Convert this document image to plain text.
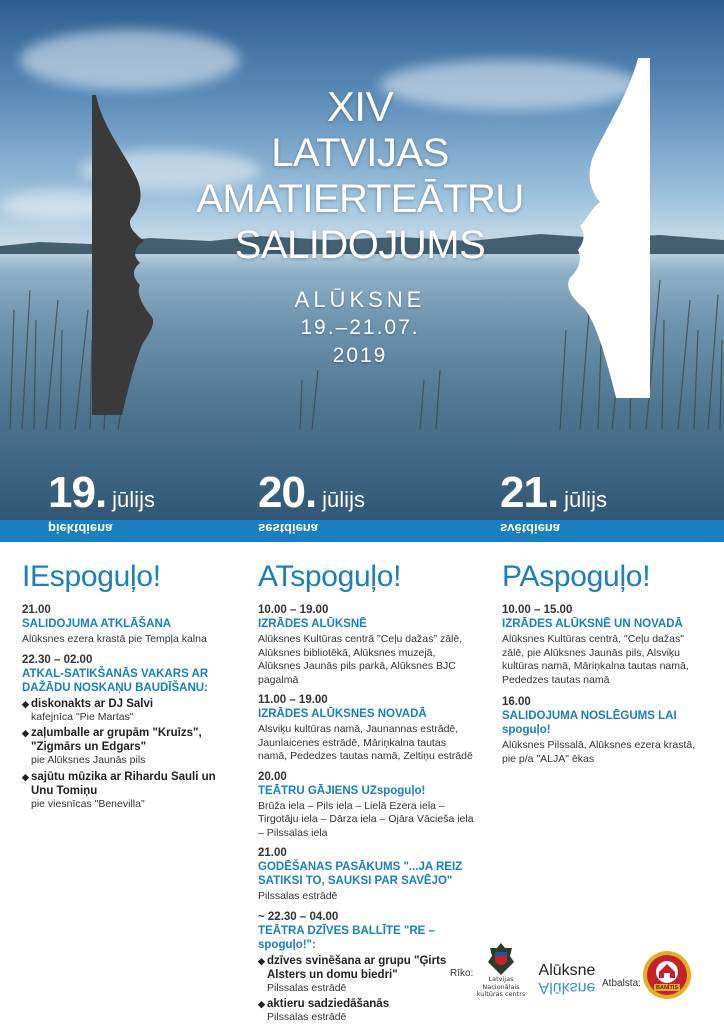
XIV
LATVIJAS
AMATIERTEĀTRU
SALIDOJUMS
ALŪKSNE
19.–21.07.
2019
19. jūlijs 20. jūlijs	21. jūlijs
piektdiena	sestdiena	svētdiena
IEspoguļo!
21.00
SALIDOJUMA ATKLĀŠANA
Alūksnes ezera krastā pie Tempļa kalna
22.30 – 02.00
ATKAL-SATIKŠANĀS VAKARS AR DAŽĀDU NOSKAŅU BAUDĪŠANU:
◆ diskonakts ar DJ Salvi
kafejnīca "Pie Martas"
◆ zaļumballe ar grupām "Kruīzs", "Zigmārs un Edgars"
pie Alūksnes Jaunās pils
◆ sajūtu mūzika ar Rihardu Sauli un Unu Tomiņu
pie viesnīcas "Benevilla"
ATspoguļo!
10.00 – 19.00
IZRĀDES ALŪKSNĒ
Alūksnes Kultūras centrā "Ceļu dažas" zālē, Alūksnes bibliotēkā, Alūksnes muzejā, Alūksnes Jaunās pils parkā, Alūksnes BJC pagalmā
11.00 – 19.00
IZRĀDES ALŪKSNES NOVADĀ
Alsviķu kultūras namā, Jaunannas estrādē, Jaunlaicenes estrādē, Māriņkalna tautas namā, Pededzes tautas namā, Zeltiņu estrādē
20.00
TEĀTRU GĀJIENS UZspoguļo!
Brūža iela – Pils iela – Lielā Ezera iela – Tirgotāju iela – Dārza iela – Ojāra Vācieša iela – Pilssalas iela
21.00
GODĒŠANAS PASĀKUMS "...JA REIZ SATIKSI TO, SAUKSI PAR SAVĒJO"
Pilssalas estrādē
~ 22.30 – 04.00
TEĀTRA DZĪVES BALLĪTE "RE – spoguļo!":
◆ dzīves svinēšana ar grupu "Ģirts Alsters un domu biedri"
Pilssalas estrādē
◆ aktieru sadziedāšanās
Pilssalas estrādē
PAspoguļo!
10.00 – 15.00
IZRĀDES ALŪKSNĒ UN NOVADĀ
Alūksnes Kultūras centrā, "Ceļu dažas" zālē, pie Alūksnes Jaunās pils, Alsviķu kultūras namā, Māriņkalna tautas namā, Pededzes tautas namā
16.00
SALIDOJUMA NOSLĒGUMS LAI spoguļo!
Alūksnes Pilssalā, Alūksnes ezera krastā, pie p/a "ALJA" ēkas
Rīko:	Latvijas Nacionālais kultūras centrs
Alūksne
Alūksne Atbalsta:	BANĪTIS
